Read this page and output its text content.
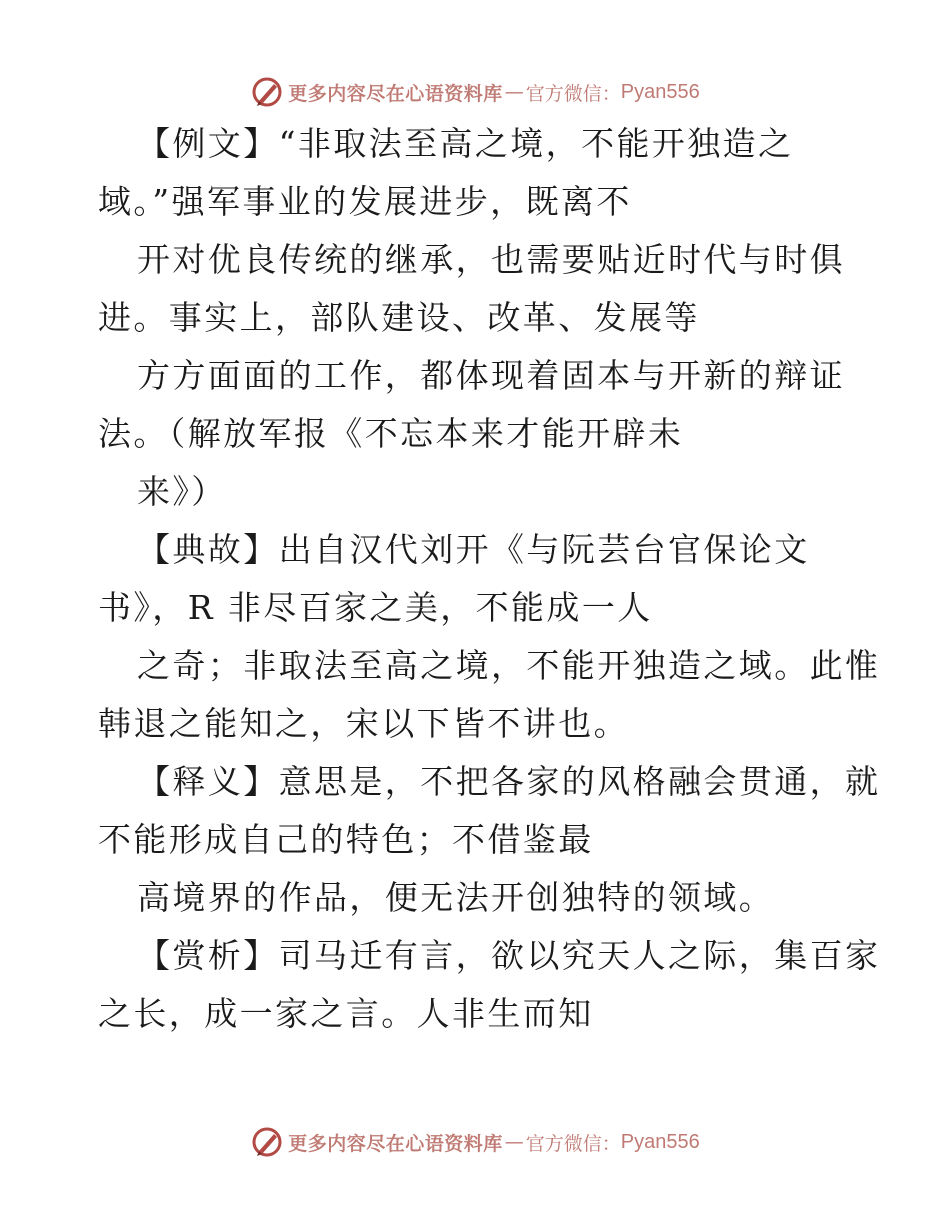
更多内容尽在心语资料库 — 官方微信： Pyan556
【例文】“非取法至高之境，不能开独造之
域。”强军事业的发展进步，既离不
开对优良传统的继承，也需要贴近时代与时俱
进。事实上，部队建设、改革、发展等
方方面面的工作，都体现着固本与开新的辩证
法。（解放军报《不忘本来才能开辟未
来》）
【典故】出自汉代刘开《与阮芸台官保论文
书》，R 非尽百家之美，不能成一人
之奇；非取法至高之境，不能开独造之域。此惟
韩退之能知之，宋以下皆不讲也。
【释义】意思是，不把各家的风格融会贯通，就
不能形成自己的特色；不借鉴最
高境界的作品，便无法开创独特的领域。
【赏析】司马迁有言，欲以究天人之际，集百家
之长，成一家之言。人非生而知
更多内容尽在心语资料库 — 官方微信： Pyan556
